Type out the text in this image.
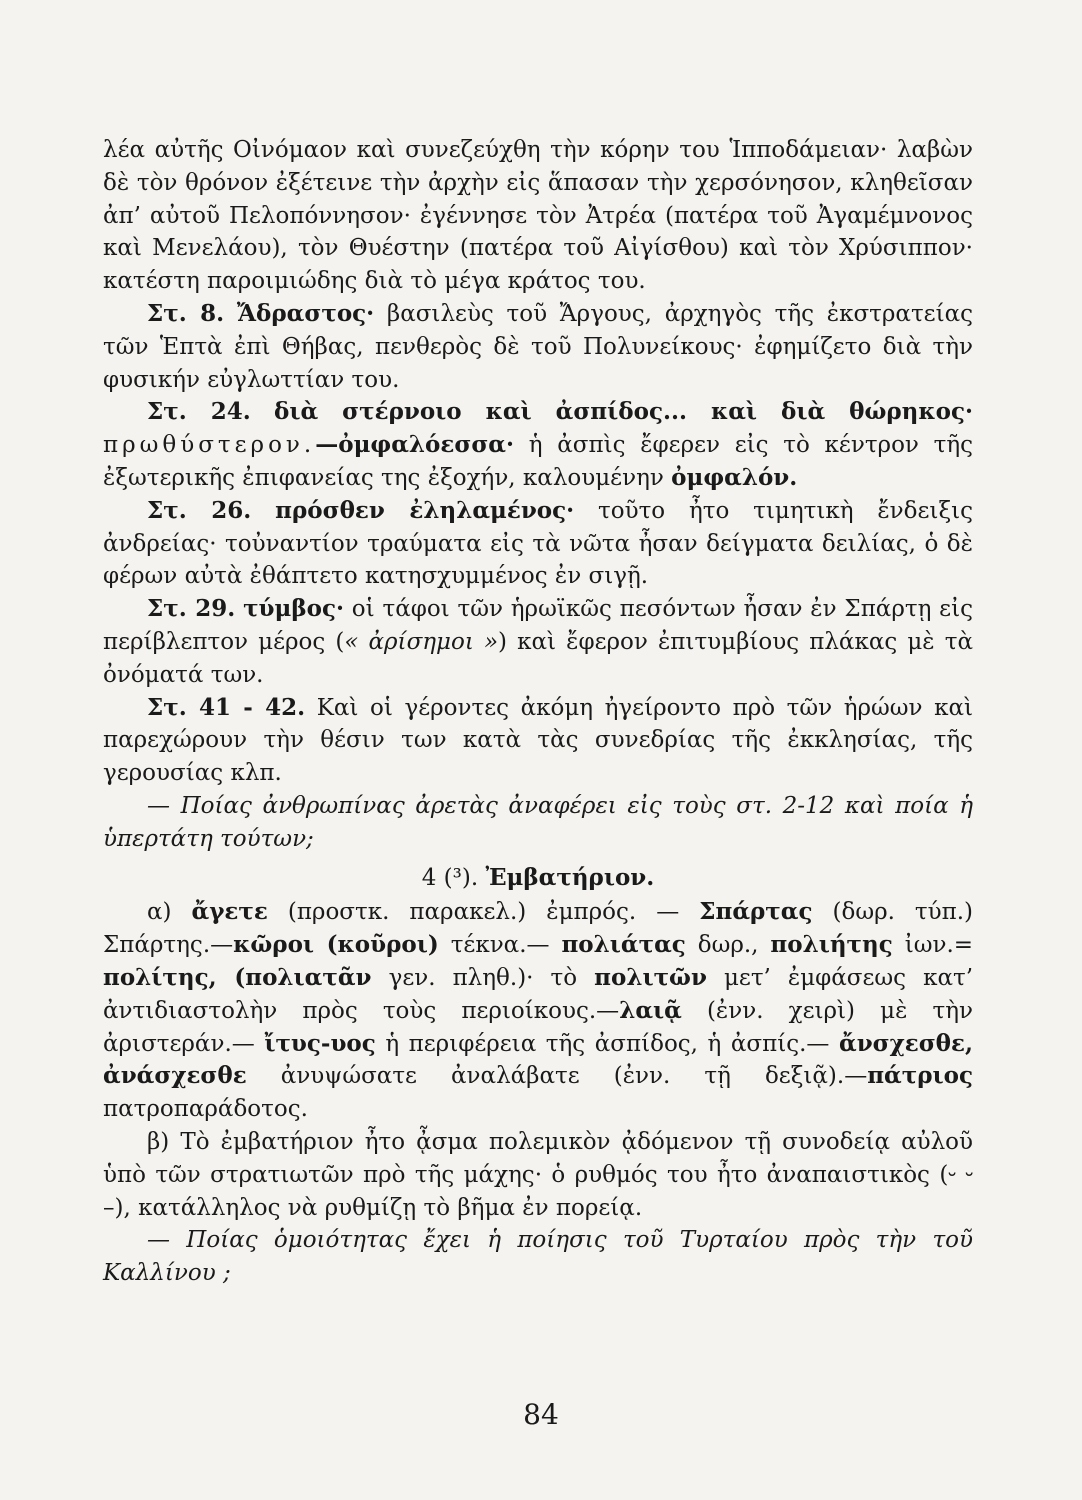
λέα αὐτῆς Οἰνόμαον καὶ συνεζεύχθη τὴν κόρην του Ἱπποδάμειαν· λαβὼν δὲ τὸν θρόνον ἐξέτεινε τὴν ἀρχὴν εἰς ἅπασαν τὴν χερσόνησον, κληθεῖσαν ἀπ’ αὐτοῦ Πελοπόννησον· ἐγέννησε τὸν Ἀτρέα (πατέρα τοῦ Ἀγαμέμνονος καὶ Μενελάου), τὸν Θυέστην (πατέρα τοῦ Αἰγίσθου) καὶ τὸν Χρύσιππον· κατέστη παροιμιώδης διὰ τὸ μέγα κράτος του.

Στ. 8. Ἄδραστος· βασιλεὺς τοῦ Ἄργους, ἀρχηγὸς τῆς ἐκστρατείας τῶν Ἑπτὰ ἐπὶ Θήβας, πενθερὸς δὲ τοῦ Πολυνείκους· ἐφημίζετο διὰ τὴν φυσικήν εὐγλωττίαν του.

Στ. 24. διὰ στέρνοιο καὶ ἀσπίδος... καὶ διὰ θώρηκος· πρωθύστερον.—ὀμφαλόεσσα· ἡ ἀσπὶς ἔφερεν εἰς τὸ κέντρον τῆς ἐξωτερικῆς ἐπιφανείας της ἐξοχήν, καλουμένην ὀμφαλόν.

Στ. 26. πρόσθεν ἐληλαμένος· τοῦτο ἦτο τιμητικὴ ἔνδειξις ἀνδρείας· τοὐναντίον τραύματα εἰς τὰ νῶτα ἦσαν δείγματα δειλίας, ὁ δὲ φέρων αὐτὰ ἐθάπτετο κατησχυμμένος ἐν σιγῇ.

Στ. 29. τύμβος· οἱ τάφοι τῶν ἡρωϊκῶς πεσόντων ἦσαν ἐν Σπάρτῃ εἰς περίβλεπτον μέρος (« ἀρίσημοι ») καὶ ἔφερον ἐπιτυμβίους πλάκας μὲ τὰ ὀνόματά των.

Στ. 41 - 42. Καὶ οἱ γέροντες ἀκόμη ἠγείροντο πρὸ τῶν ἡρώων καὶ παρεχώρουν τὴν θέσιν των κατὰ τὰς συνεδρίας τῆς ἐκκλησίας, τῆς γερουσίας κλπ.

— Ποίας ἀνθρωπίνας ἀρετὰς ἀναφέρει εἰς τοὺς στ. 2-12 καὶ ποία ἡ ὑπερτάτη τούτων;

4 (³). Ἐμβατήριον.

α) ἄγετε (προστκ. παρακελ.) ἐμπρός. — Σπάρτας (δωρ. τύπ.) Σπάρτης.—κῶροι (κοῦροι) τέκνα.— πολιάτας δωρ., πολιήτης ἰων.= πολίτης, (πολιατᾶν γεν. πληθ.)· τὸ πολιτῶν μετ’ ἐμφάσεως κατ’ ἀντιδιαστολὴν πρὸς τοὺς περιοίκους.—λαιᾷ (ἐνν. χειρὶ) μὲ τὴν ἀριστεράν.— ἴτυς-υος ἡ περιφέρεια τῆς ἀσπίδος, ἡ ἀσπίς.— ἄνσχεσθε, ἀνάσχεσθε ἀνυψώσατε ἀναλάβατε (ἐνν. τῇ δεξιᾷ).—πάτριος πατροπαράδοτος.

β) Τὸ ἐμβατήριον ἦτο ᾆσμα πολεμικὸν ᾀδόμενον τῇ συνοδείᾳ αὐλοῦ ὑπὸ τῶν στρατιωτῶν πρὸ τῆς μάχης· ὁ ρυθμός του ἦτο ἀναπαιστικὸς (⏑ ⏑ –), κατάλληλος νὰ ρυθμίζῃ τὸ βῆμα ἐν πορείᾳ.

— Ποίας ὁμοιότητας ἔχει ἡ ποίησις τοῦ Τυρταίου πρὸς τὴν τοῦ Καλλίνου ;

84
